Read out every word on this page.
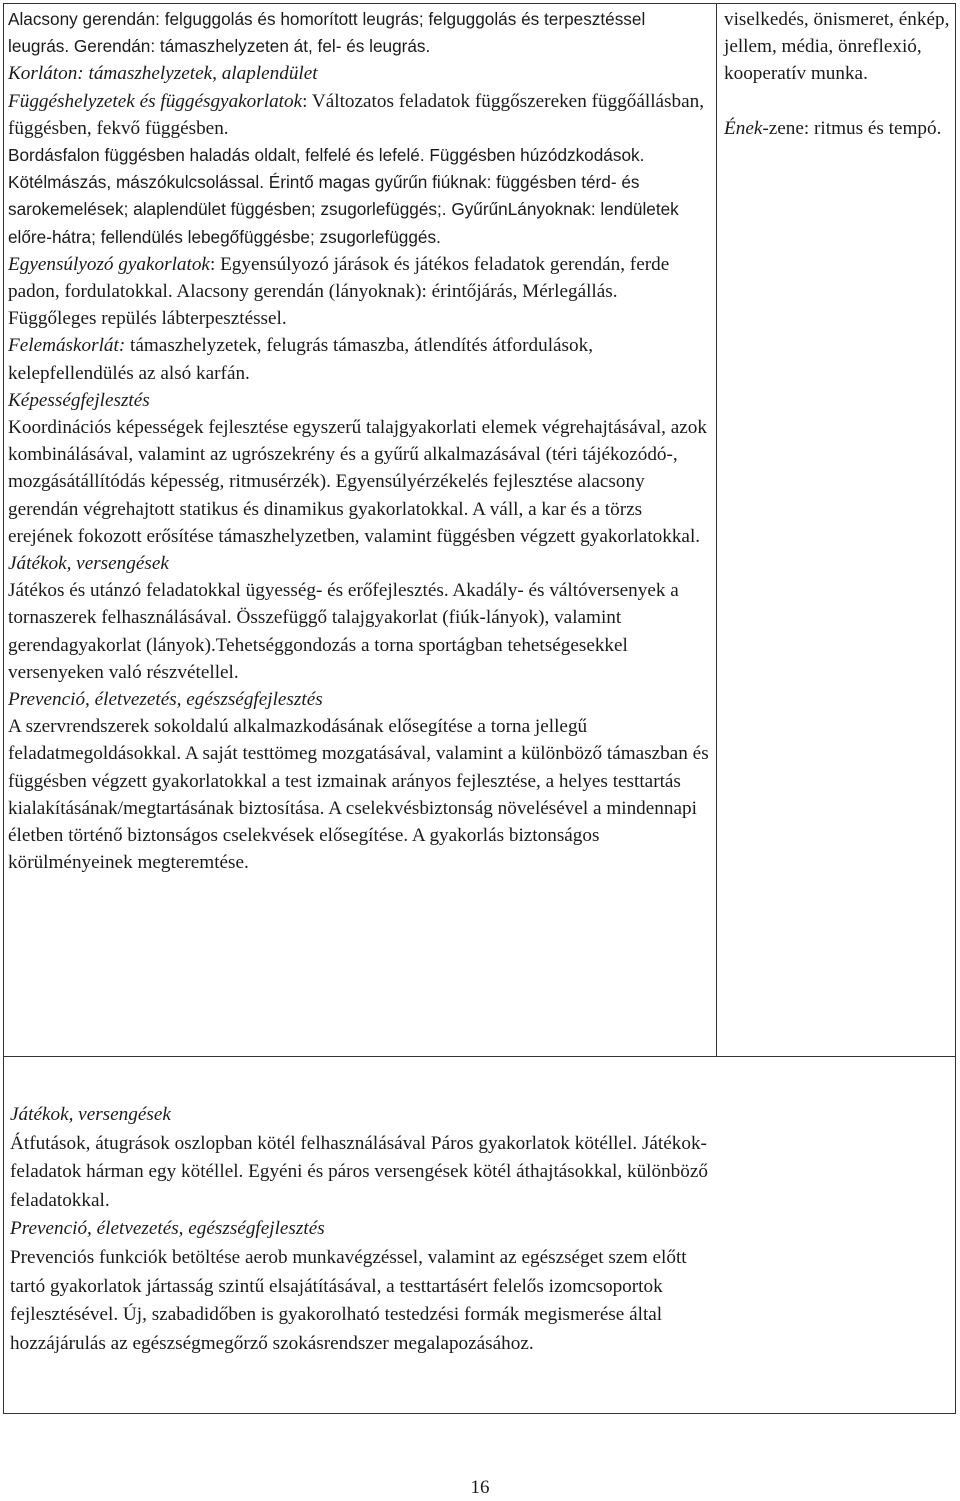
Alacsony gerendán: felguggolás és homorított leugrás; felguggolás és terpesztéssel leugrás. Gerendán: támaszhelyzeten át, fel- és leugrás.

Korláton: támaszhelyzetek, alaplendület

Függéshelyzetek és függésgyakorlatok: Változatos feladatok függőszereken függőállásban, függésben, fekvő függésben.

Bordásfalon függésben haladás oldalt, felfelé és lefelé. Függésben húzódzkodások. Kötélmászás, mászókulcsolással. Érintő magas gyűrűn fiúknak: függésben térd- és sarokemelések; alaplendület függésben; zsugorlefüggés;. GyűrűnLányoknak: lendületek előre-hátra; fellendülés lebegőfüggésbe; zsugorlefüggés.

Egyensúlyozó gyakorlatok: Egyensúlyozó járások és játékos feladatok gerendán, ferde padon, fordulatokkal. Alacsony gerendán (lányoknak): érintőjárás, Mérlegállás. Függőleges repülés lábterpesztéssel.

Felemáskorlát: támaszhelyzetek, felugrás támaszba, átlendítés átfordulások, kelepfellendülés az alsó karfán.

Képességfejlesztés

Koordinációs képességek fejlesztése egyszerű talajgyakorlati elemek végrehajtásával, azok kombinálásával, valamint az ugrószekrény és a gyűrű alkalmazásával (téri tájékozódó-, mozgásátállítódás képesség, ritmusérzék). Egyensúlyérzékelés fejlesztése alacsony gerendán végrehajtott statikus és dinamikus gyakorlatokkal. A váll, a kar és a törzs erejének fokozott erősítése támaszhelyzetben, valamint függésben végzett gyakorlatokkal.

Játékok, versengések

Játékos és utánzó feladatokkal ügyesség- és erőfejlesztés. Akadály- és váltóversenyek a tornaszerek felhasználásával. Összefüggő talajgyakorlat (fiúk-lányok), valamint gerendagyakorlat (lányok).Tehetséggondozás a torna sportágban tehetségesekkel versenyeken való részvétellel.

Prevenció, életvezetés, egészségfejlesztés

A szervrendszerek sokoldalú alkalmazkodásának elősegítése a torna jellegű feladatmegoldásokkal. A saját testtömeg mozgatásával, valamint a különböző támaszban és függésben végzett gyakorlatokkal a test izmainak arányos fejlesztése, a helyes testtartás kialakításának/megtartásának biztosítása. A cselekvésbiztonság növelésével a mindennapi életben történő biztonságos cselekvések elősegítése. A gyakorlás biztonságos körülményeinek megteremtése.

viselkedés, önismeret, énkép, jellem, média, önreflexió, kooperatív munka.

Ének-zene: ritmus és tempó.

Játékok, versengések

Átfutások, átugrások oszlopban kötél felhasználásával Páros gyakorlatok kötéllel. Játékok-feladatok hárman egy kötéllel. Egyéni és páros versengések kötél áthajtásokkal, különböző feladatokkal.

Prevenció, életvezetés, egészségfejlesztés

Prevenciós funkciók betöltése aerob munkavégzéssel, valamint az egészséget szem előtt tartó gyakorlatok jártasság szintű elsajátításával, a testtartásért felelős izomcsoportok fejlesztésével. Új, szabadidőben is gyakorolható testedzési formák megismerése által hozzájárulás az egészségmegőrző szokásrendszer megalapozásához.

16
